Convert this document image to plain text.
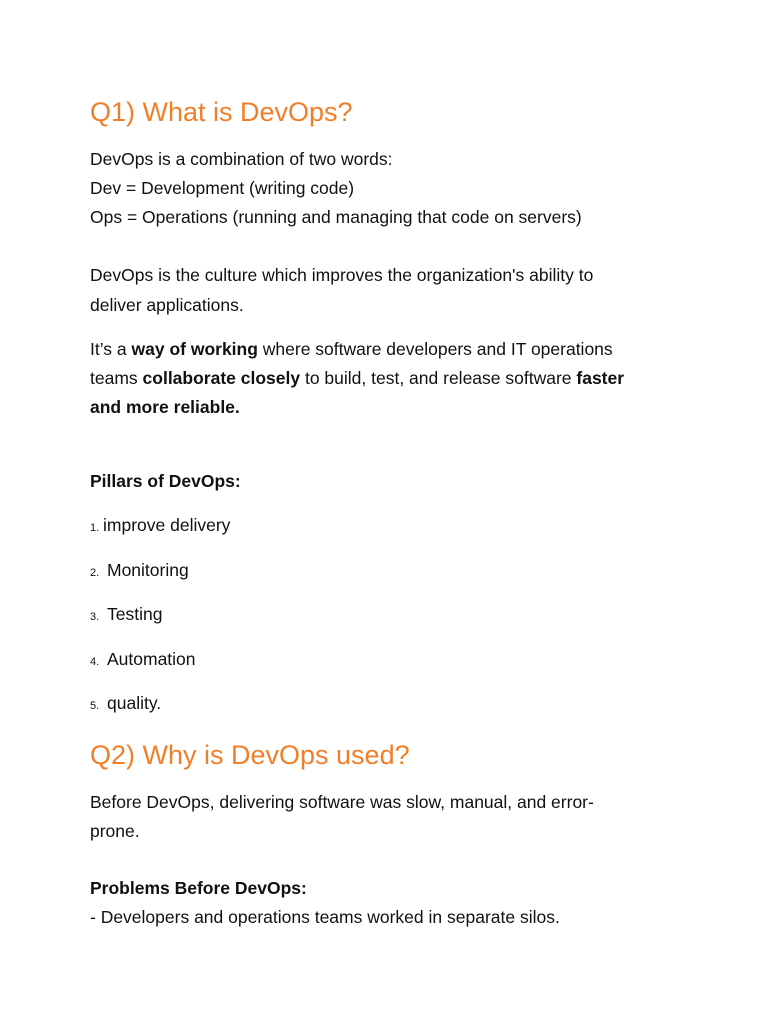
Q1) What is DevOps?

DevOps is a combination of two words:

Dev = Development (writing code)

Ops = Operations (running and managing that code on servers)

DevOps is the culture which improves the organization's ability to

deliver applications.

It’s a way of working where software developers and IT operations

teams collaborate closely to build, test, and release software faster

and more reliable.

Pillars of DevOps:

1. improve delivery
2. Monitoring
3. Testing
4. Automation
5. quality.
Q2) Why is DevOps used?

Before DevOps, delivering software was slow, manual, and error-

prone.

Problems Before DevOps:

- Developers and operations teams worked in separate silos.
